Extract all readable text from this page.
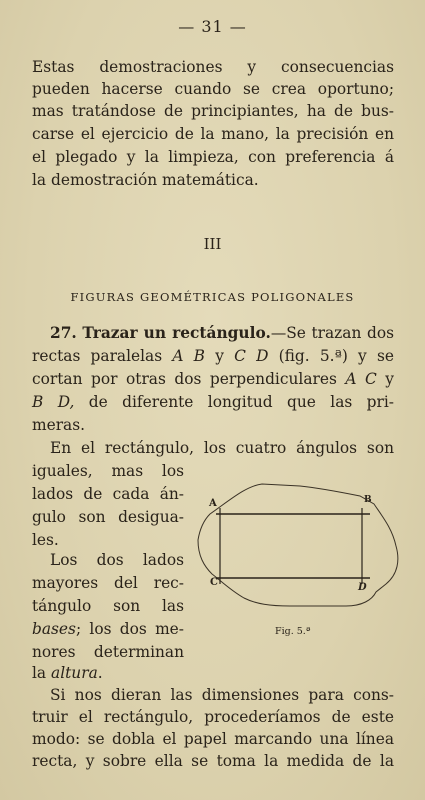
— 31 —
Estas demostraciones y consecuencias
pueden hacerse cuando se crea oportuno;
mas tratándose de principiantes, ha de bus-
carse el ejercicio de la mano, la precisión en
el plegado y la limpieza, con preferencia á
la demostración matemática.
III
FIGURAS GEOMÉTRICAS POLIGONALES
27. Trazar un rectángulo.—Se trazan dos
rectas paralelas A B y C D (fig. 5.ª) y se
cortan por otras dos perpendiculares A C y
B D, de diferente longitud que las pri-
meras.
En el rectángulo, los cuatro ángulos son
iguales, mas los
lados de cada án-
gulo son desigua-
les.
Los dos lados
mayores del rec-
tángulo son las
bases; los dos me-
nores determinan
la altura.
Si nos dieran las dimensiones para cons-
truir el rectángulo, procederíamos de este
modo: se dobla el papel marcando una línea
recta, y sobre ella se toma la medida de la
A	B
C	D
Fig. 5.ª
